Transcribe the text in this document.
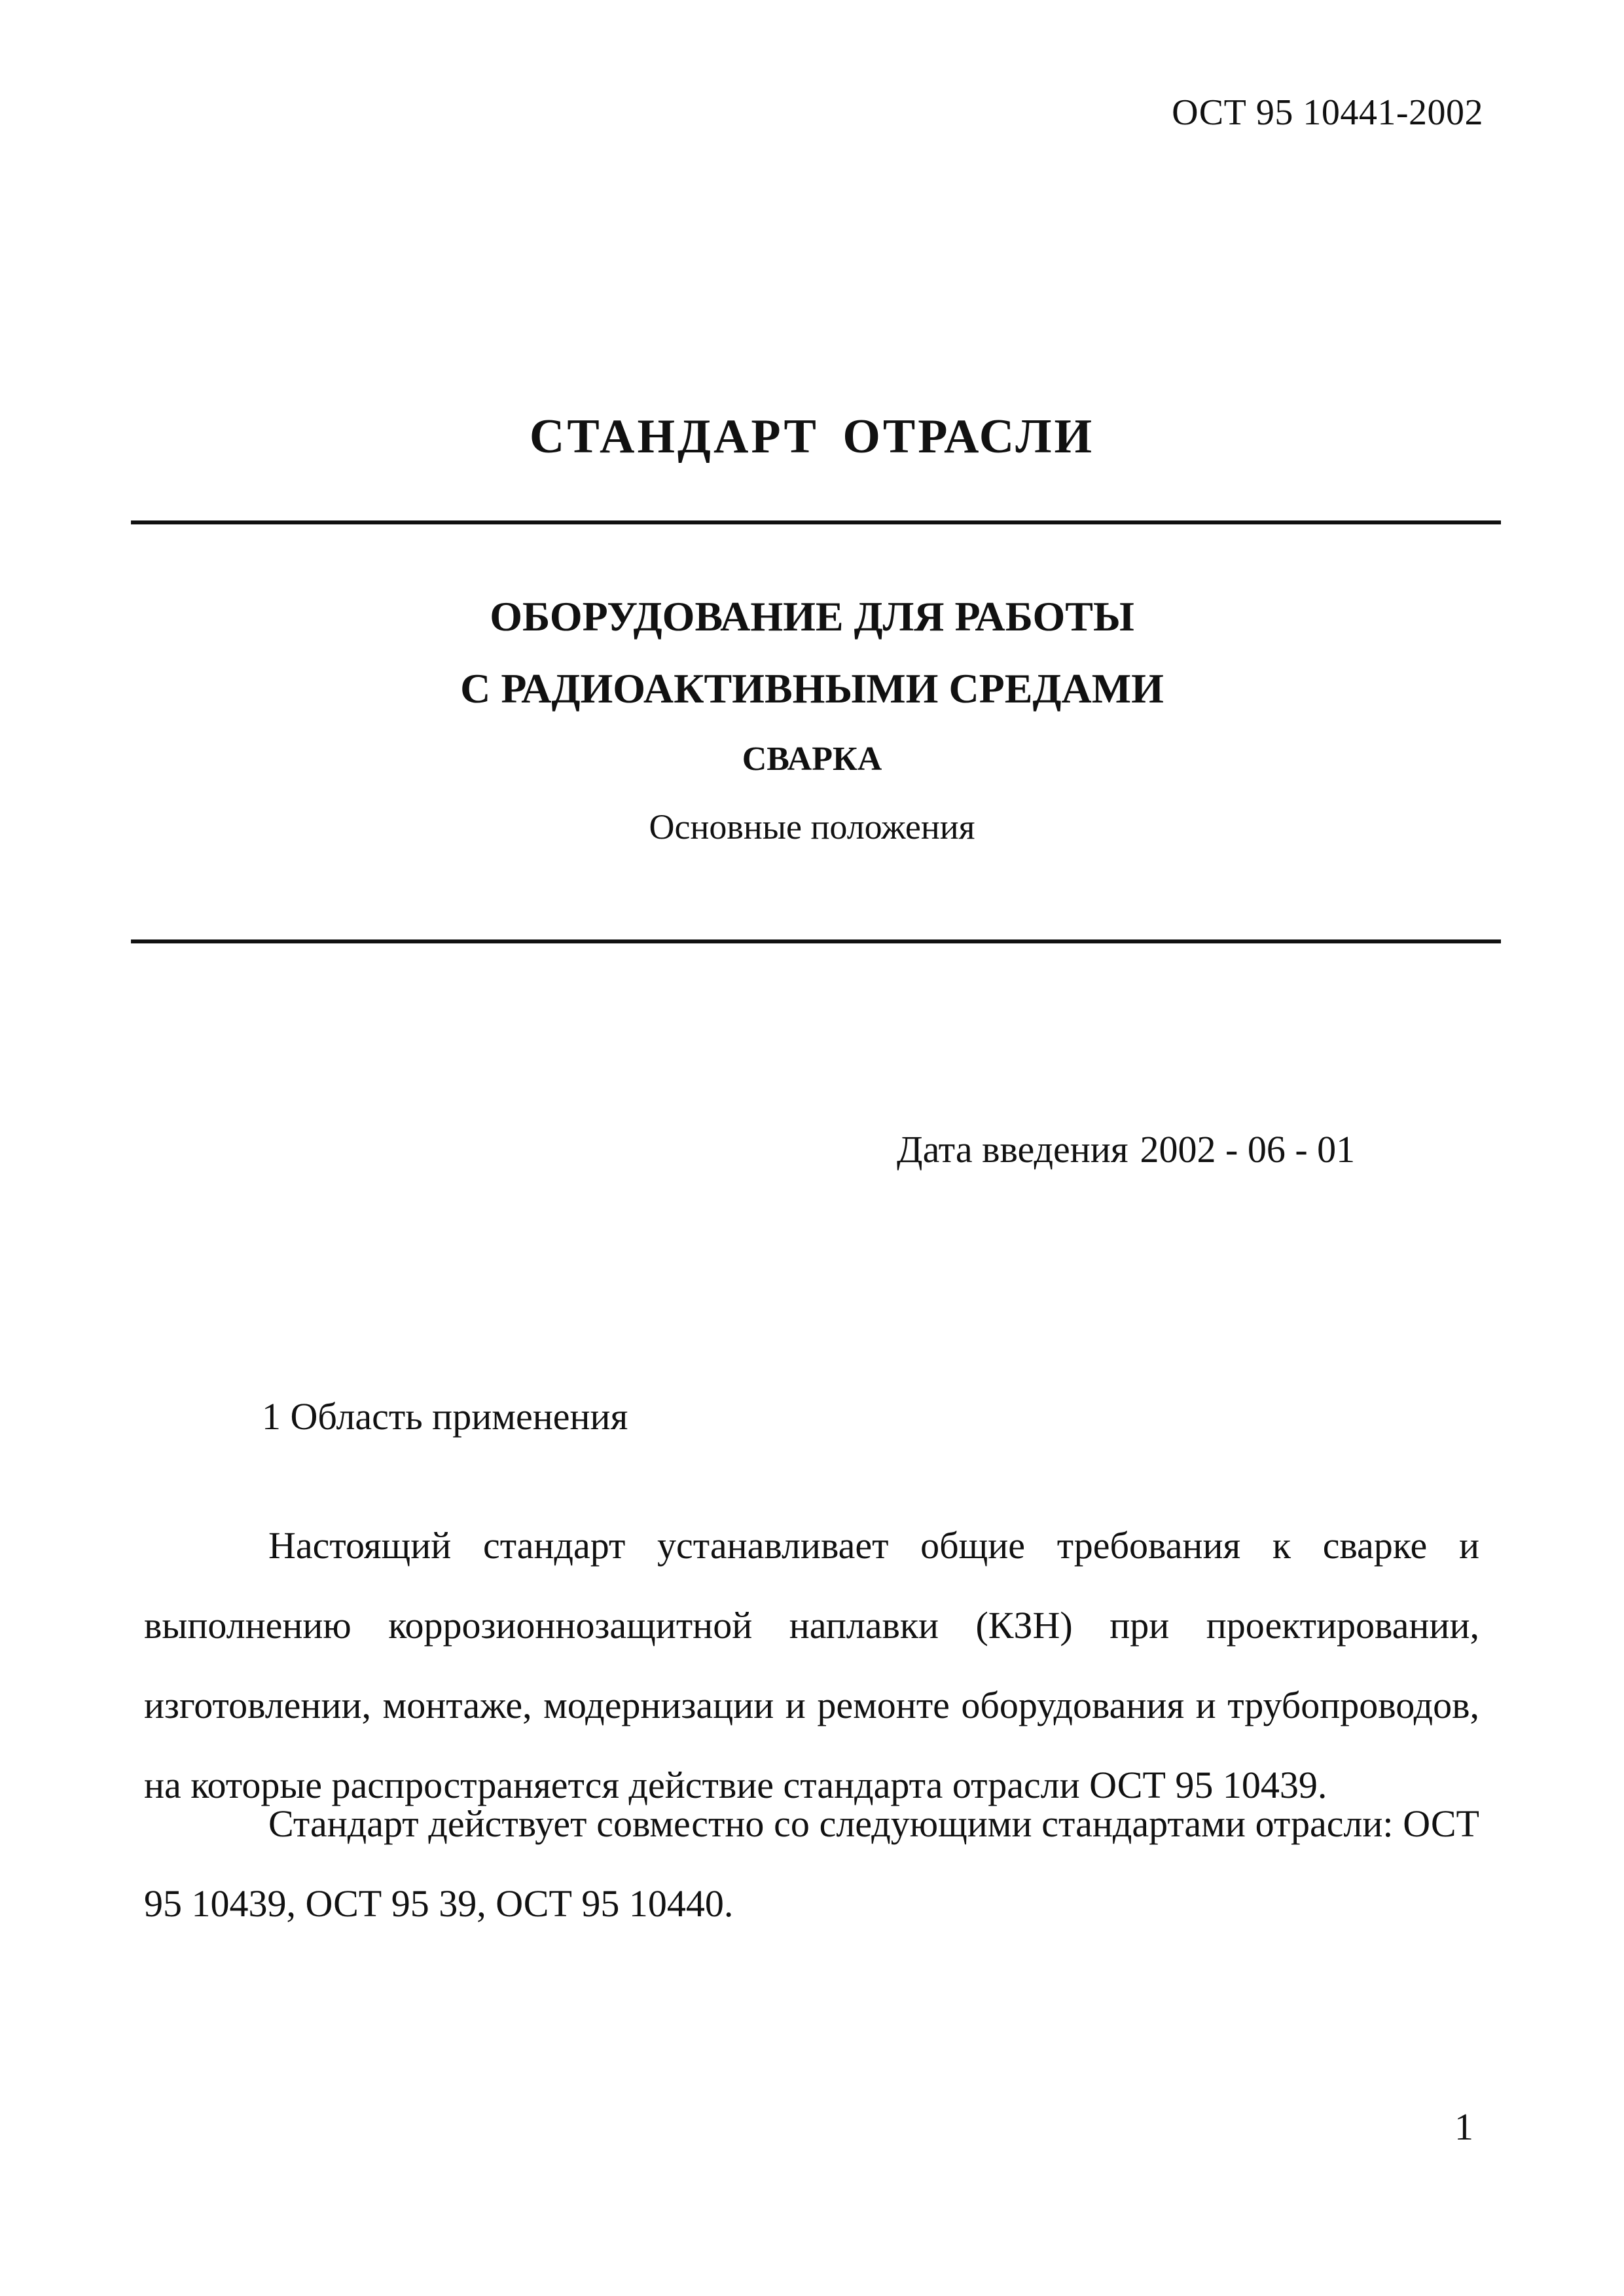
ОСТ 95 10441-2002
СТАНДАРТ ОТРАСЛИ
ОБОРУДОВАНИЕ ДЛЯ РАБОТЫ
С РАДИОАКТИВНЫМИ СРЕДАМИ
СВАРКА
Основные положения
Дата введения 2002 - 06 - 01
1 Область применения

Настоящий стандарт устанавливает общие требования к сварке и выполнению коррозионнозащитной наплавки (КЗН) при проектировании, изготовлении, монтаже, модернизации и ремонте оборудования и трубопроводов, на которые распространяется действие стандарта отрасли ОСТ 95 10439.

Стандарт действует совместно со следующими стандартами отрасли: ОСТ 95 10439, ОСТ 95 39, ОСТ 95 10440.

1
